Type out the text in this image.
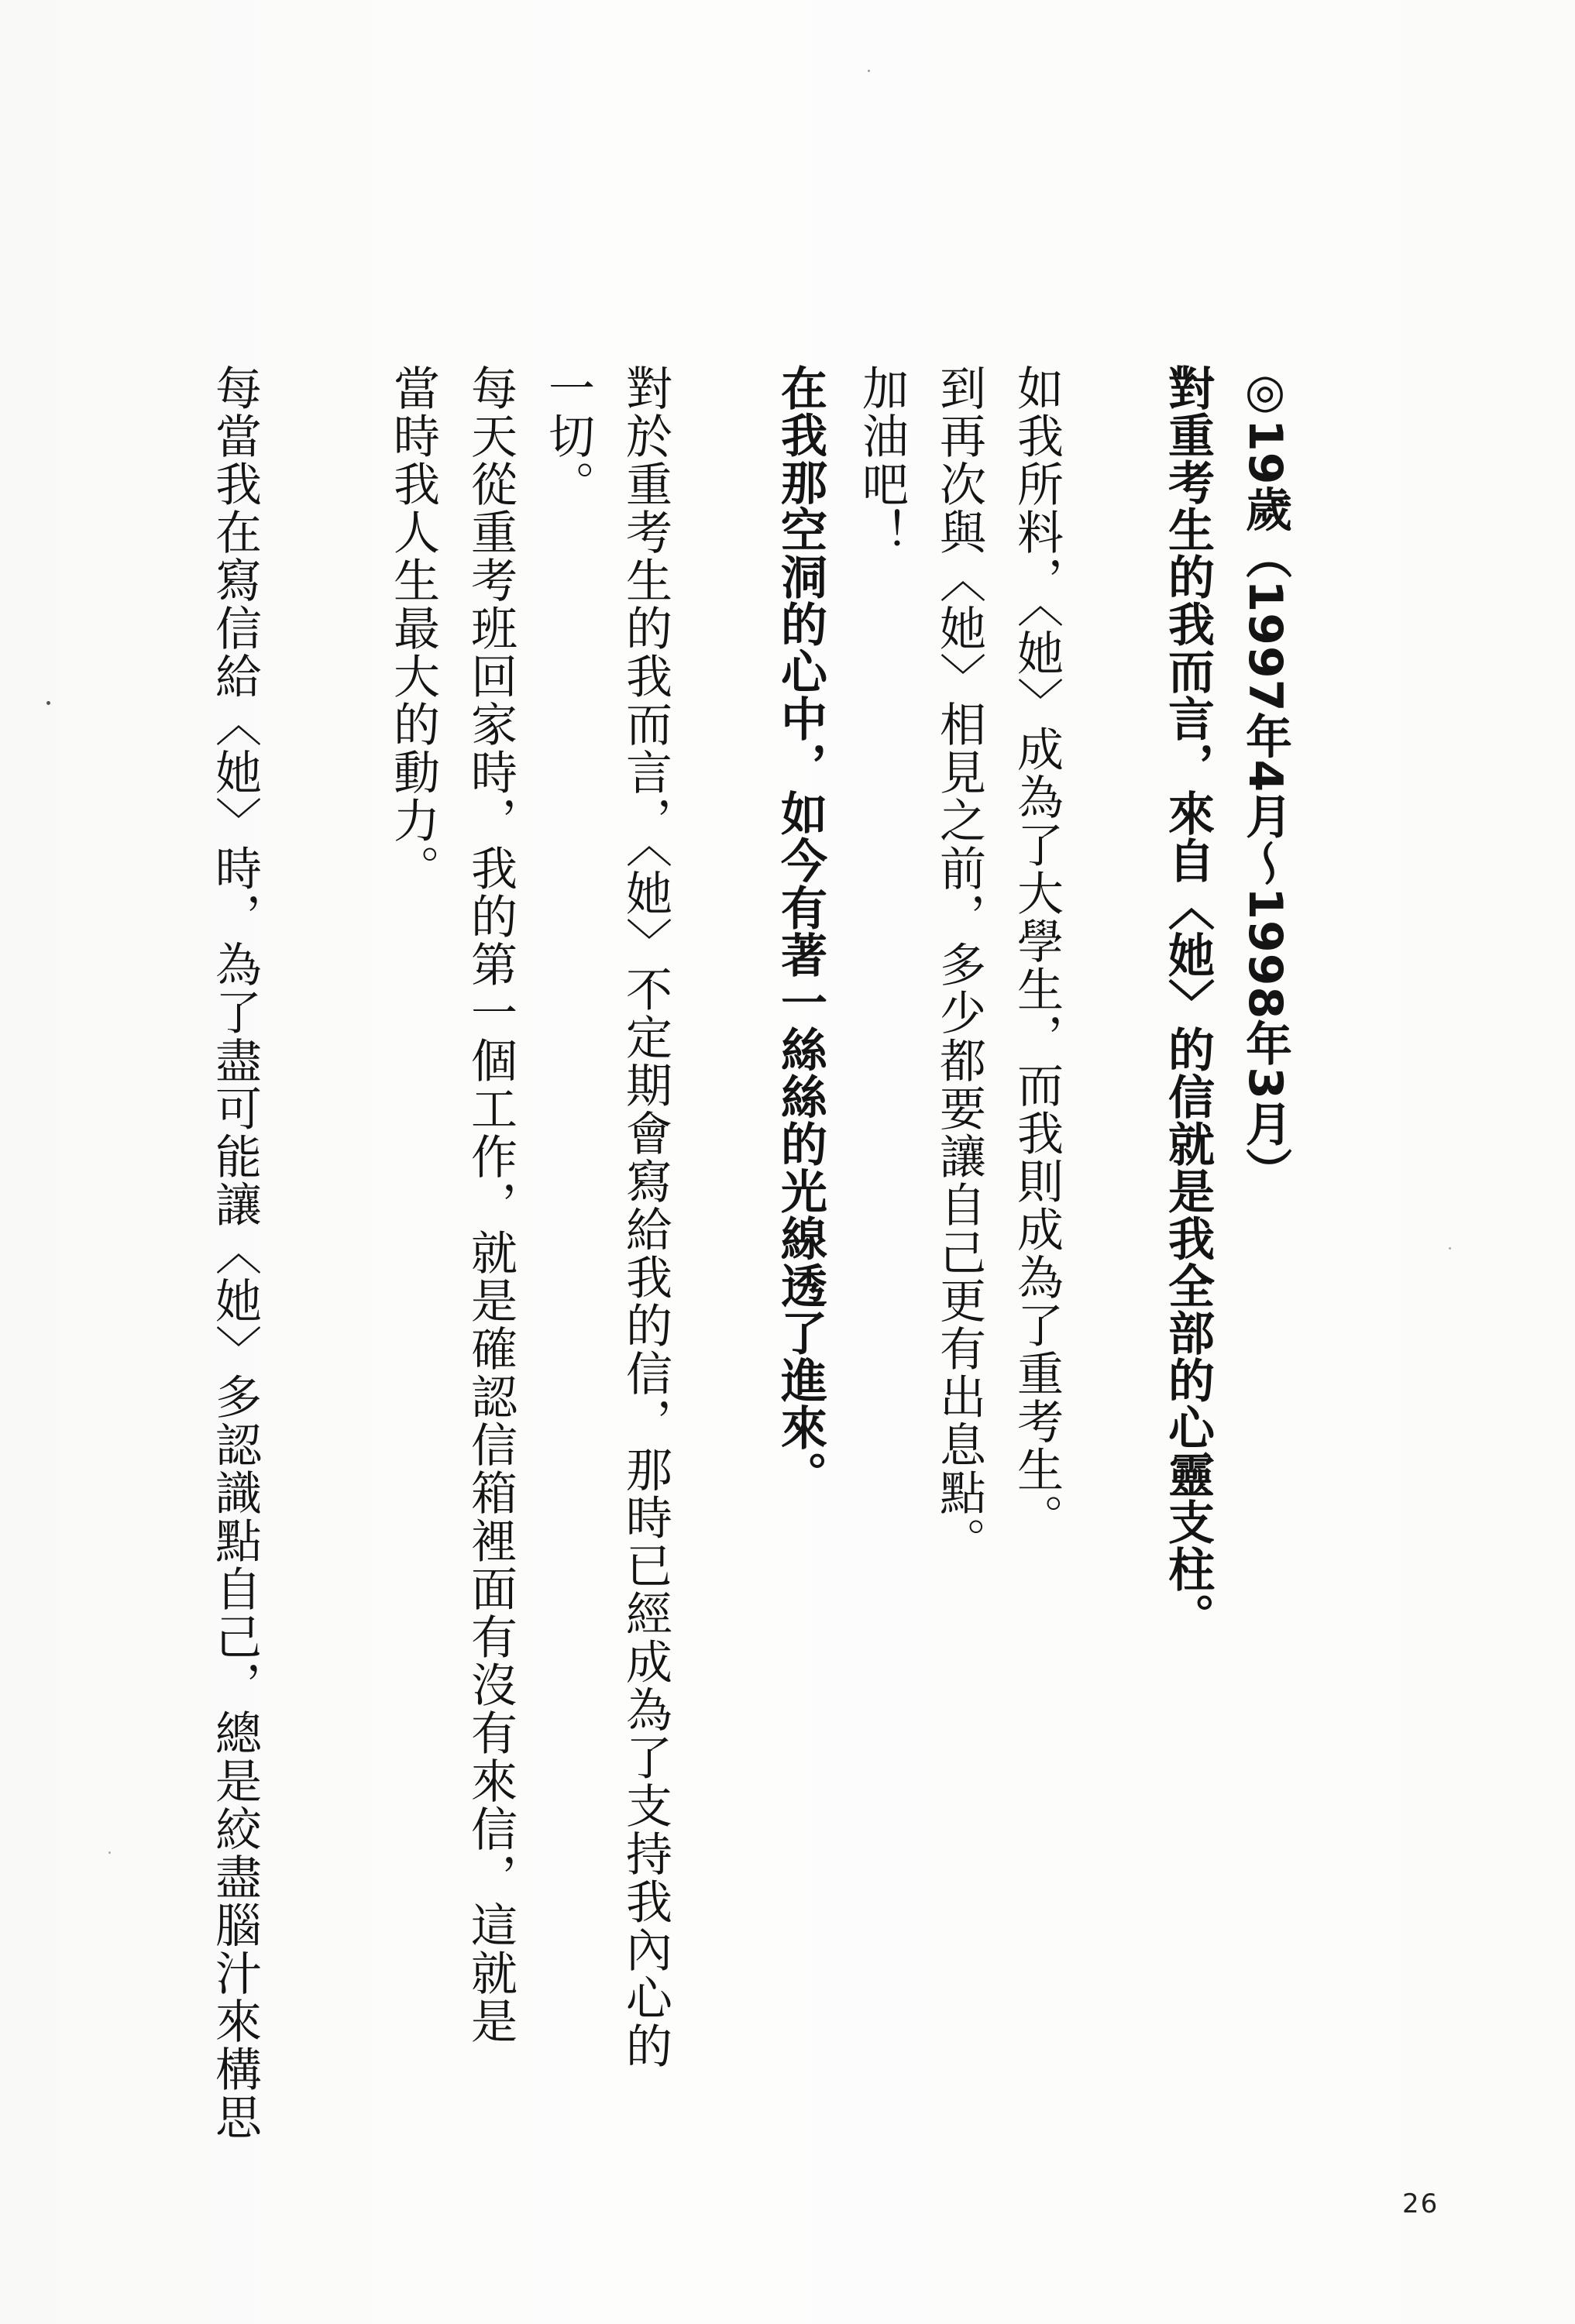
◎19歲（1997年4月～1998年3月）

對重考生的我而言，來自〈她〉的信就是我全部的心靈支柱。

如我所料，〈她〉成為了大學生，而我則成為了重考生。

到再次與〈她〉相見之前，多少都要讓自己更有出息點。

加油吧！

在我那空洞的心中，如今有著一絲絲的光線透了進來。

對於重考生的我而言，〈她〉不定期會寫給我的信，那時已經成為了支持我內心的

一切。

每天從重考班回家時，我的第一個工作，就是確認信箱裡面有沒有來信，這就是

當時我人生最大的動力。

每當我在寫信給〈她〉時，為了盡可能讓〈她〉多認識點自己，總是絞盡腦汁來構思

26
